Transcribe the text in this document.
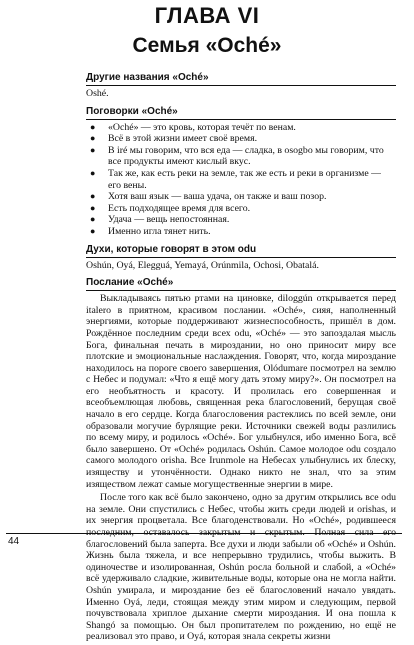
ГЛАВА VI
Семья «Oché»
Другие названия «Oché»

Oshé.

Поговорки «Oché»
● «Oché» — это кровь, которая течёт по венам.
● Всё в этой жизни имеет своё время.
● В iré мы говорим, что вся еда — сладка, в osogbo мы говорим, что все продукты имеют кислый вкус.
● Так же, как есть реки на земле, так же есть и реки в организме — его вены.
● Хотя ваш язык — ваша удача, он также и ваш позор.
● Есть подходящее время для всего.
● Удача — вещь непостоянная.
● Именно игла тянет нить.
Духи, которые говорят в этом odu

Oshún, Oyá, Elegguá, Yemayá, Orúnmila, Ochosi, Obatalá.

Послание «Oché»

Выкладываясь пятью ртами на циновке, diloggún открывается перед italero в приятном, красивом послании. «Oché», сияя, наполненный энергиями, которые поддерживают жизнеспособность, пришёл в дом. Рождённое последним среди всех odu, «Oché» — это запоздалая мысль Бога, финальная печать в мироздании, но оно приносит миру все плотские и эмоциональные наслаждения. Говорят, что, когда мироздание находилось на пороге своего завершения, Olódumare посмотрел на землю с Небес и подумал: «Что я ещё могу дать этому миру?». Он посмотрел на его необъятность и красоту. И пролилась его совершенная и всеобъемлющая любовь, священная река благословений, берущая своё начало в его сердце. Когда благословения растеклись по всей земле, они образовали могучие бурлящие реки. Источники свежей воды разлились по всему миру, и родилось «Oché». Бог улыбнулся, ибо именно Бога, всё было завершено. От «Oché» родилась Oshún. Самое молодое odu создало самого молодого orisha. Все Irunmole на Небесах улыбнулись их блеску, изяществу и утончённости. Однако никто не знал, что за этим изяществом лежат самые могущественные энергии в мире.

После того как всё было закончено, одно за другим открылись все odu на земле. Они спустились с Небес, чтобы жить среди людей и orishas, и их энергия процветала. Все благоденствовали. Но «Oché», родившееся последним, оставалось закрытым и скрытым. Полная сила его благословений была заперта. Все духи и люди забыли об «Oché» и Oshún. Жизнь была тяжела, и все непрерывно трудились, чтобы выжить. В одиночестве и изолированная, Oshún росла больной и слабой, а «Oché» всё удерживало сладкие, живительные воды, которые она не могла найти. Oshún умирала, и мироздание без её благословений начало увядать. Именно Oyá, леди, стоящая между этим миром и следующим, первой почувствовала хриплое дыхание смерти мироздания. И она пошла к Shangó за помощью. Он был пропитателем по рождению, но ещё не реализовал это право, и Oyá, которая знала секреты жизни

44
